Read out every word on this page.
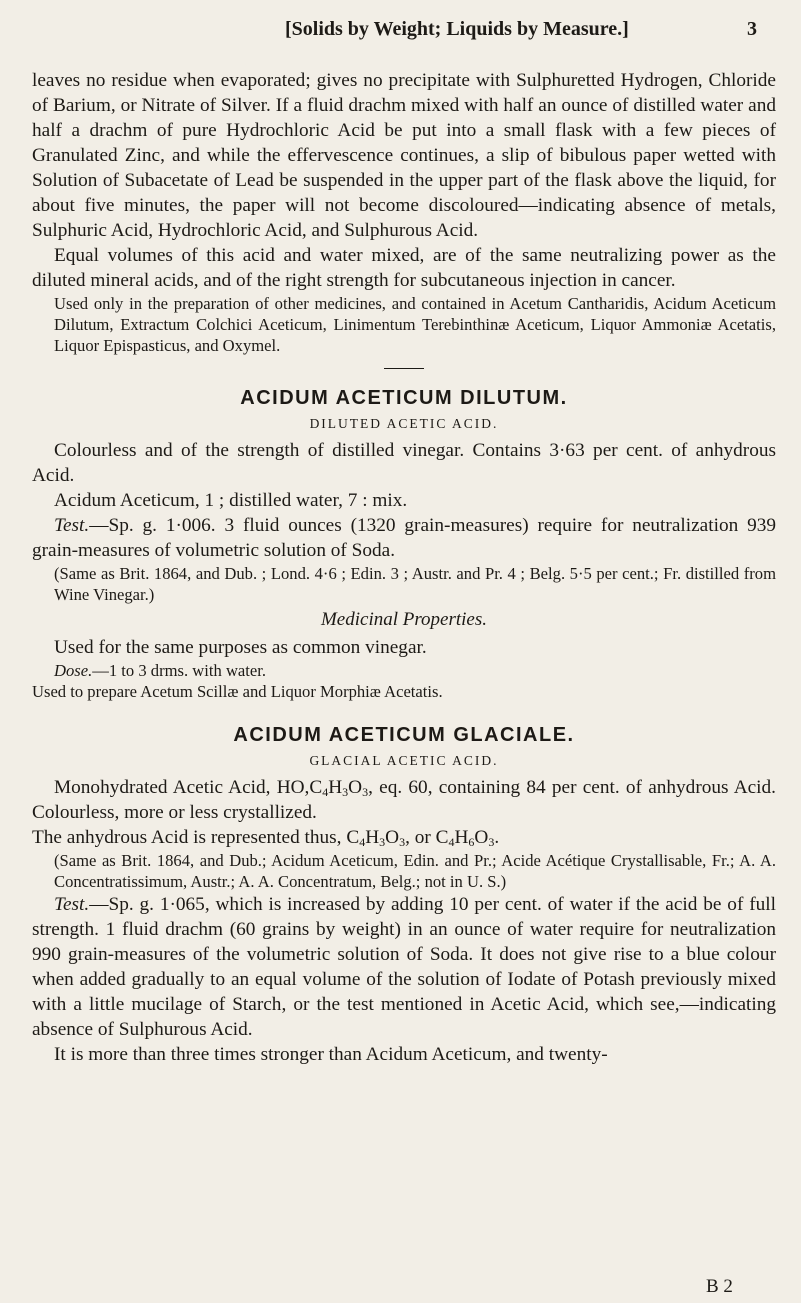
[Solids by Weight; Liquids by Measure.]	3

leaves no residue when evaporated; gives no precipitate with Sulphuretted Hydrogen, Chloride of Barium, or Nitrate of Silver. If a fluid drachm mixed with half an ounce of distilled water and half a drachm of pure Hydrochloric Acid be put into a small flask with a few pieces of Granulated Zinc, and while the effervescence continues, a slip of bibulous paper wetted with Solution of Subacetate of Lead be suspended in the upper part of the flask above the liquid, for about five minutes, the paper will not become discoloured—indicating absence of metals, Sulphuric Acid, Hydrochloric Acid, and Sulphurous Acid.

Equal volumes of this acid and water mixed, are of the same neutralizing power as the diluted mineral acids, and of the right strength for subcutaneous injection in cancer.

Used only in the preparation of other medicines, and contained in Acetum Cantharidis, Acidum Aceticum Dilutum, Extractum Colchici Aceticum, Linimentum Terebinthinæ Aceticum, Liquor Ammoniæ Acetatis, Liquor Epispasticus, and Oxymel.

ACIDUM ACETICUM DILUTUM.
DILUTED ACETIC ACID.

Colourless and of the strength of distilled vinegar. Contains 3·63 per cent. of anhydrous Acid.

Acidum Aceticum, 1 ; distilled water, 7 : mix.

Test.—Sp. g. 1·006. 3 fluid ounces (1320 grain-measures) require for neutralization 939 grain-measures of volumetric solution of Soda.

(Same as Brit. 1864, and Dub. ; Lond. 4·6 ; Edin. 3 ; Austr. and Pr. 4 ; Belg. 5·5 per cent.; Fr. distilled from Wine Vinegar.)

Medicinal Properties.

Used for the same purposes as common vinegar.

Dose.—1 to 3 drms. with water.

Used to prepare Acetum Scillæ and Liquor Morphiæ Acetatis.

ACIDUM ACETICUM GLACIALE.
GLACIAL ACETIC ACID.

Monohydrated Acetic Acid, $HO,C_4H_3O_3$, eq. 60, containing 84 per cent. of anhydrous Acid. Colourless, more or less crystallized.
The anhydrous Acid is represented thus, $C_4H_3O_3$, or $C_4H_6O_3$.

(Same as Brit. 1864, and Dub.; Acidum Aceticum, Edin. and Pr.; Acide Acétique Crystallisable, Fr.; A. A. Concentratissimum, Austr.; A. A. Concentratum, Belg.; not in U. S.)

Test.—Sp. g. 1·065, which is increased by adding 10 per cent. of water if the acid be of full strength. 1 fluid drachm (60 grains by weight) in an ounce of water require for neutralization 990 grain-measures of the volumetric solution of Soda. It does not give rise to a blue colour when added gradually to an equal volume of the solution of Iodate of Potash previously mixed with a little mucilage of Starch, or the test mentioned in Acetic Acid, which see,—indicating absence of Sulphurous Acid.

It is more than three times stronger than Acidum Aceticum, and twenty-

B 2
